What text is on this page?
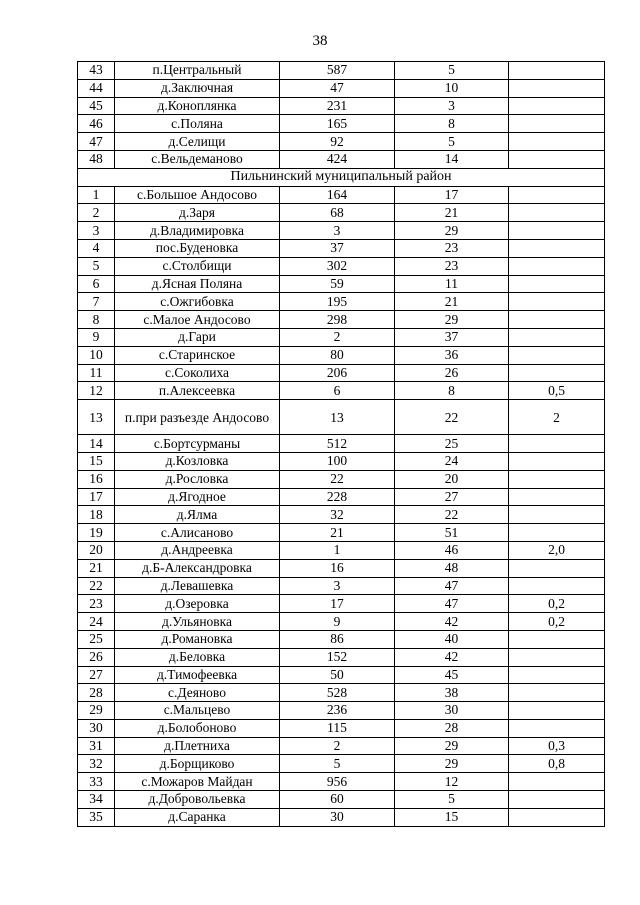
38
43	п.Центральный	587	5	
44	д.Заключная	47	10	
45	д.Коноплянка	231	3	
46	с.Поляна	165	8	
47	д.Селищи	92	5	
48	с.Вельдеманово	424	14	
Пильнинский муниципальный район				
1	с.Большое Андосово	164	17	
2	д.Заря	68	21	
3	д.Владимировка	3	29	
4	пос.Буденовка	37	23	
5	с.Столбищи	302	23	
6	д.Ясная Поляна	59	11	
7	с.Ожгибовка	195	21	
8	с.Малое Андосово	298	29	
9	д.Гари	2	37	
10	с.Старинское	80	36	
11	с.Соколиха	206	26	
12	п.Алексеевка	6	8	0,5
13	п.при разъезде Андосово	13	22	2
14	с.Бортсурманы	512	25	
15	д.Козловка	100	24	
16	д.Рословка	22	20	
17	д.Ягодное	228	27	
18	д.Ялма	32	22	
19	с.Алисаново	21	51	
20	д.Андреевка	1	46	2,0
21	д.Б-Александровка	16	48	
22	д.Левашевка	3	47	
23	д.Озеровка	17	47	0,2
24	д.Ульяновка	9	42	0,2
25	д.Романовка	86	40	
26	д.Беловка	152	42	
27	д.Тимофеевка	50	45	
28	с.Деяново	528	38	
29	с.Мальцево	236	30	
30	д.Болобоново	115	28	
31	д.Плетниха	2	29	0,3
32	д.Борщиково	5	29	0,8
33	с.Можаров Майдан	956	12	
34	д.Добровольевка	60	5	
35	д.Саранка	30	15	
